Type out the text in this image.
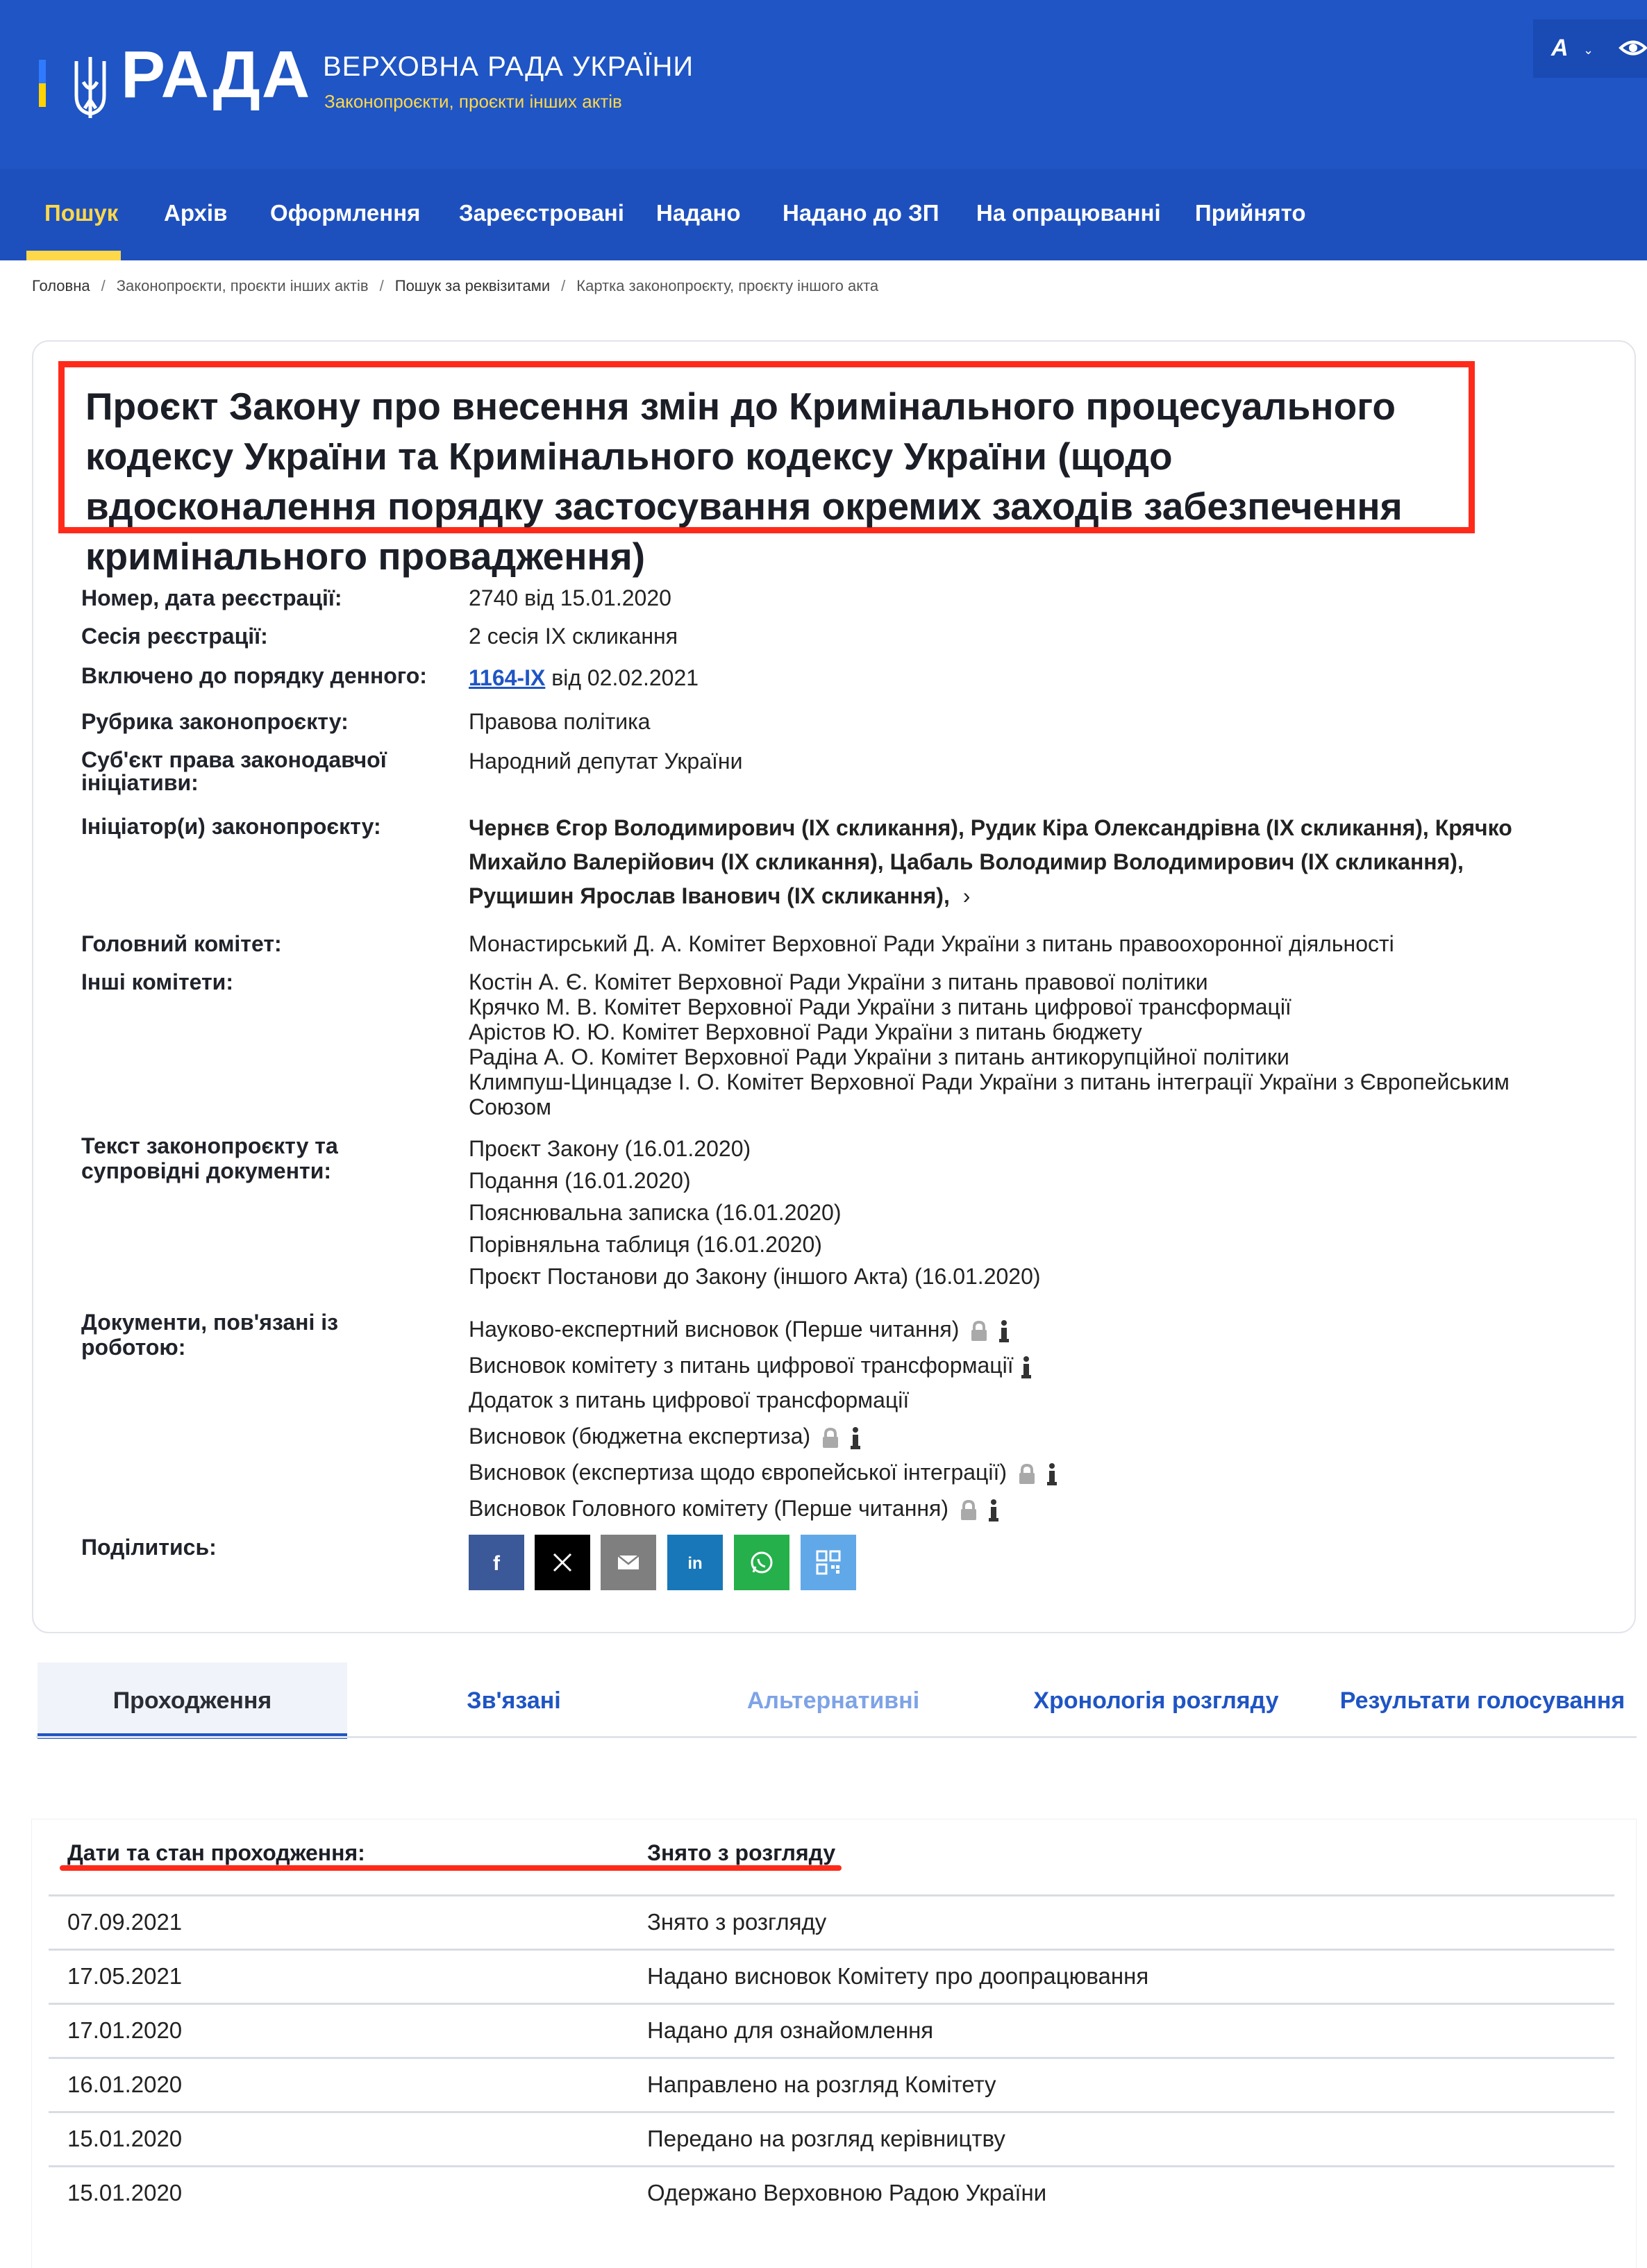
РАДА ВЕРХОВНА РАДА УКРАЇНИ
Законопроєкти, проєкти інших актів
A ⌄
Пошук Архів Оформлення Зареєстровані Надано Надано до ЗП На опрацюванні Прийнято
Головна / Законопроєкти, проєкти інших актів / Пошук за реквізитами / Картка законопроєкту, проєкту іншого акта
Проєкт Закону про внесення змін до Кримінального процесуального кодексу України та Кримінального кодексу України (щодо вдосконалення порядку застосування окремих заходів забезпечення кримінального провадження)
Номер, дата реєстрації:	2740 від 15.01.2020
Сесія реєстрації:	2 сесія IX скликання
Включено до порядку денного:	1164-IX від 02.02.2021
Рубрика законопроєкту:	Правова політика
Суб'єкт права законодавчої ініціативи:
Народний депутат України
Ініціатор(и) законопроєкту:	Чернєв Єгор Володимирович (IX скликання), Рудик Кіра Олександрівна (IX скликання), Крячко Михайло Валерійович (IX скликання), Цабаль Володимир Володимирович (IX скликання), Рущишин Ярослав Іванович (IX скликання), ›
Головний комітет:	Монастирський Д. А. Комітет Верховної Ради України з питань правоохоронної діяльності
Інші комітети:	Костін А. Є. Комітет Верховної Ради України з питань правової політики
Крячко М. В. Комітет Верховної Ради України з питань цифрової трансформації
Арістов Ю. Ю. Комітет Верховної Ради України з питань бюджету
Радіна А. О. Комітет Верховної Ради України з питань антикорупційної політики
Климпуш-Цинцадзе І. О. Комітет Верховної Ради України з питань інтеграції України з Європейським Союзом
Текст законопроєкту та супровідні документи:
Проєкт Закону (16.01.2020)
Подання (16.01.2020)
Пояснювальна записка (16.01.2020)
Порівняльна таблиця (16.01.2020)
Проєкт Постанови до Закону (іншого Акта) (16.01.2020)
Документи, пов'язані із роботою:
Науково-експертний висновок (Перше читання)
Висновок комітету з питань цифрової трансформації
Додаток з питань цифрової трансформації
Висновок (бюджетна експертиза)
Висновок (експертиза щодо європейської інтеграції)
Висновок Головного комітету (Перше читання)
Поділитись:
f	in
Проходження	Зв'язані	Альтернативні	Хронологія розгляду	Результати голосування
Дати та стан проходження:	Знято з розгляду
07.09.2021	Знято з розгляду
17.05.2021	Надано висновок Комітету про доопрацювання
17.01.2020	Надано для ознайомлення
16.01.2020	Направлено на розгляд Комітету
15.01.2020	Передано на розгляд керівництву
15.01.2020	Одержано Верховною Радою України
